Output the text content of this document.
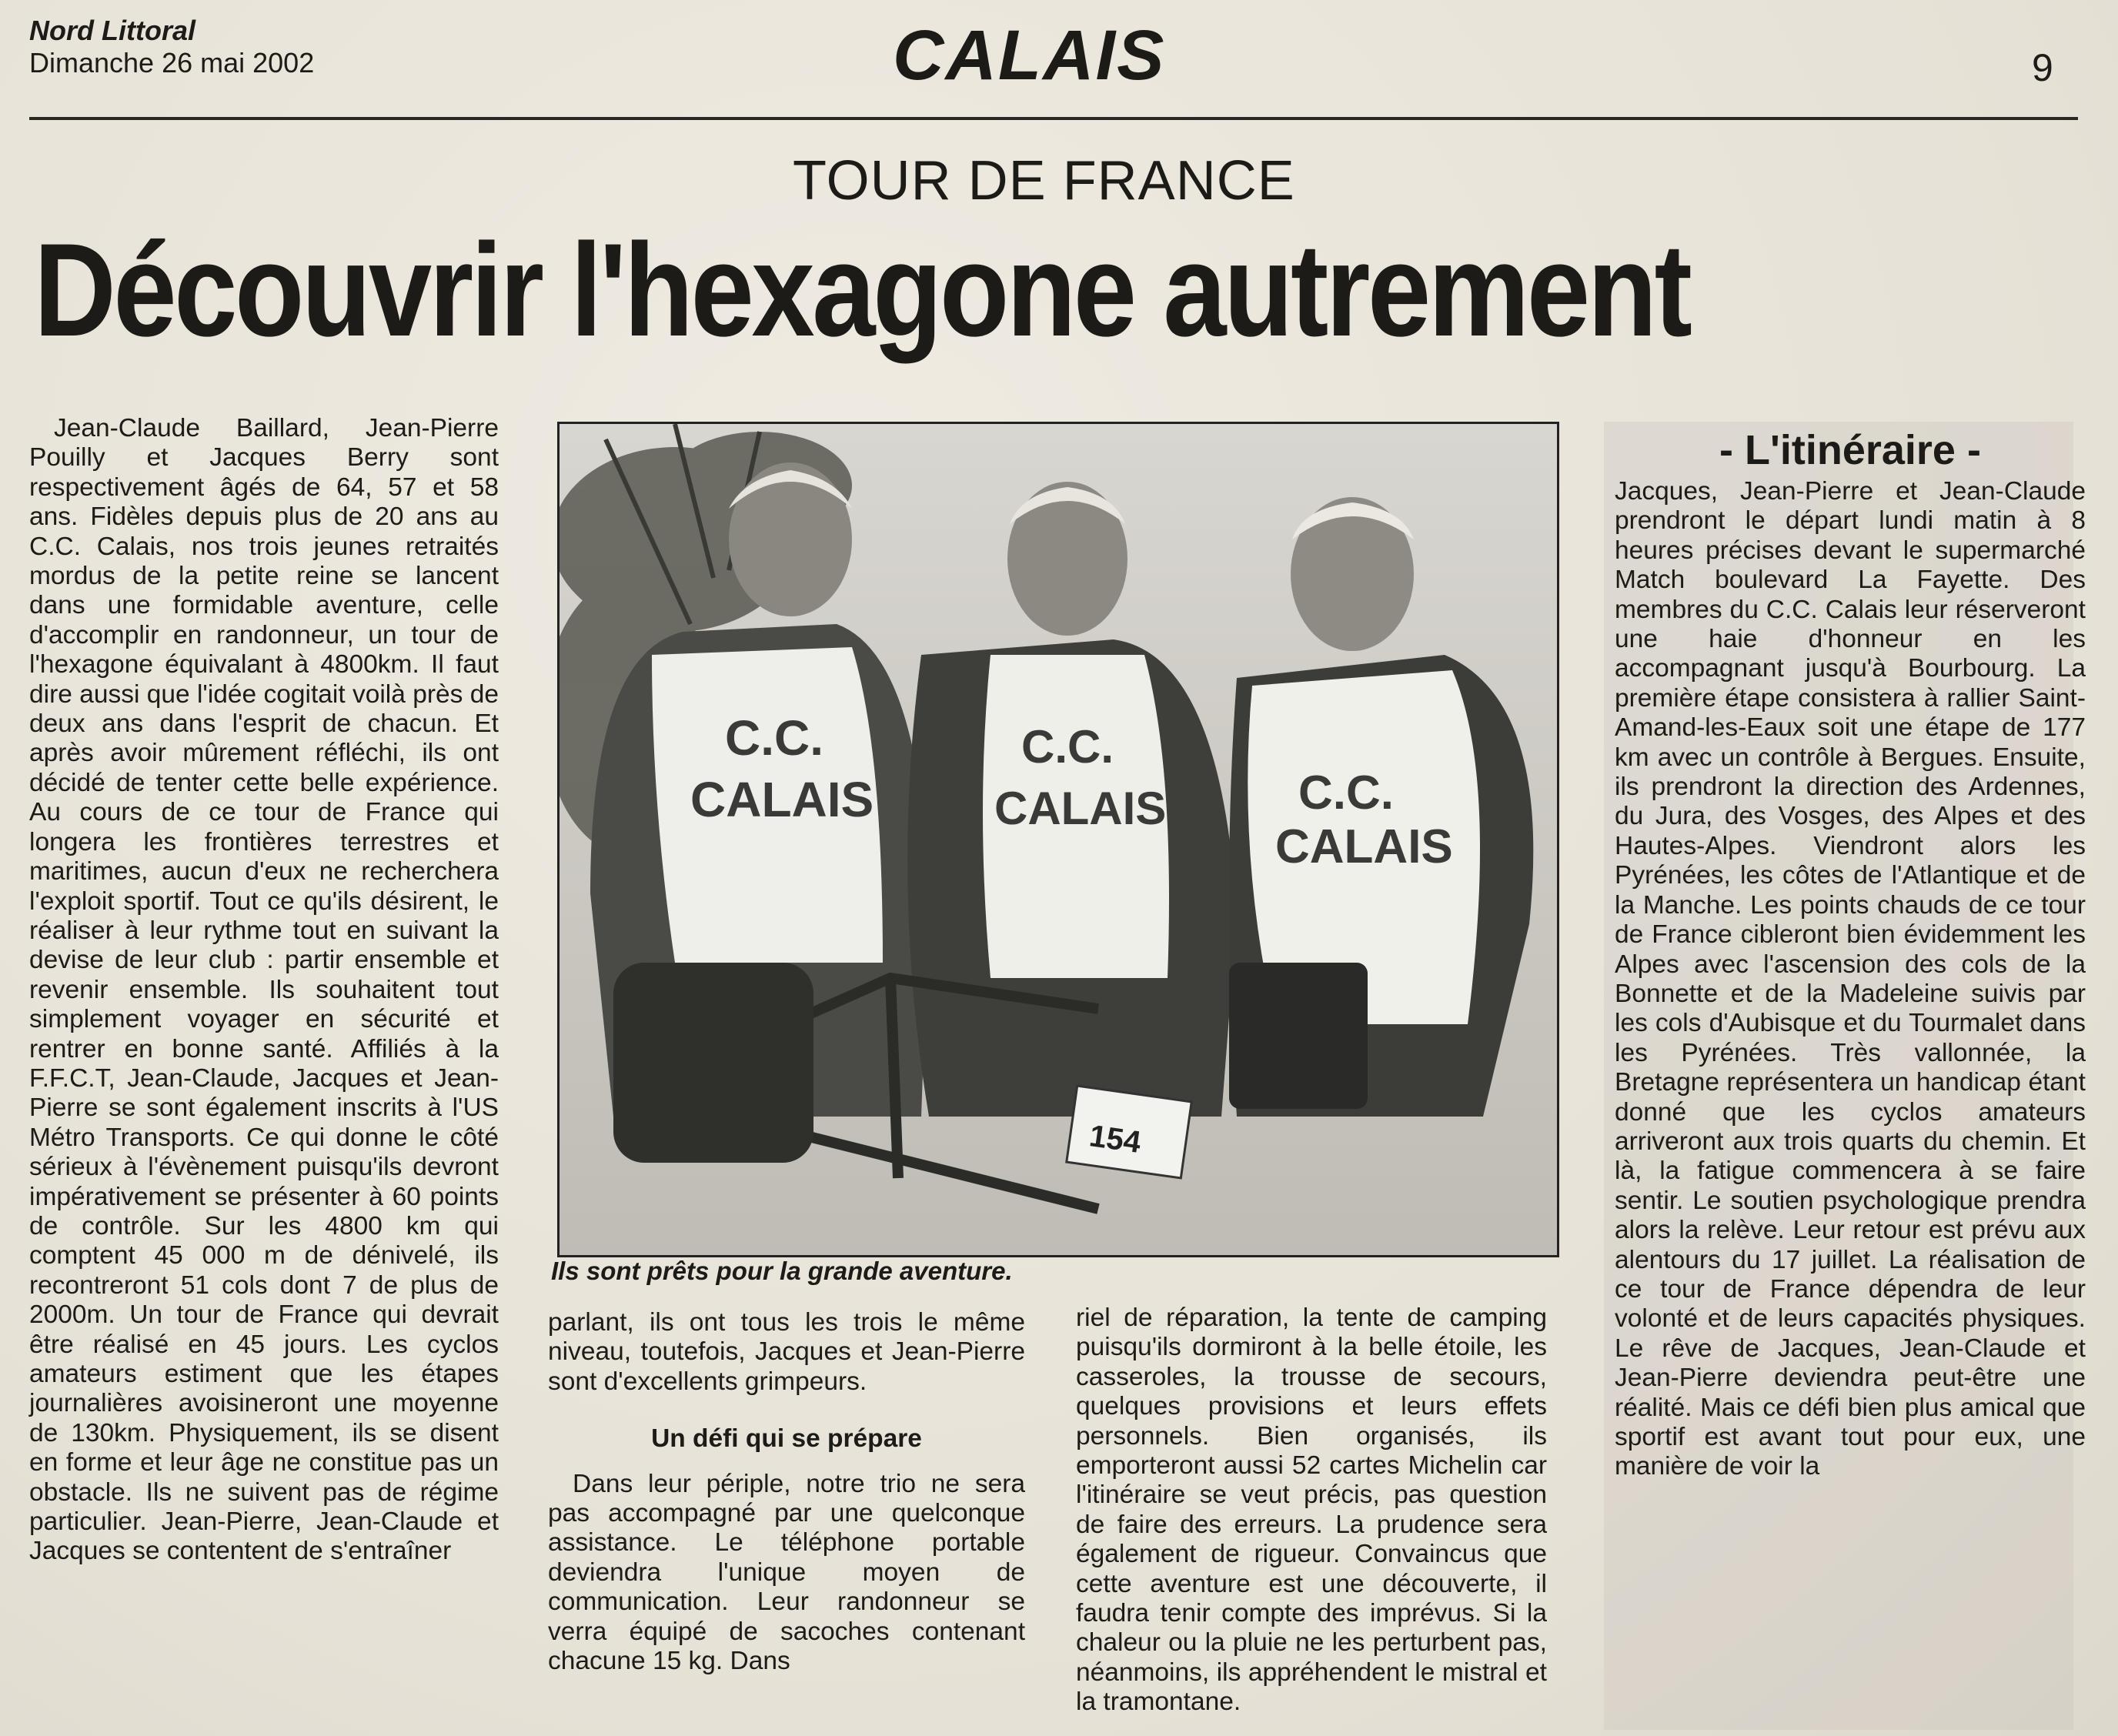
Nord Littoral
Dimanche 26 mai 2002	CALAIS	9
TOUR DE FRANCE
Découvrir l'hexagone autrement

Jean-Claude Baillard, Jean-Pierre Pouilly et Jacques Berry sont respectivement âgés de 64, 57 et 58 ans. Fidèles depuis plus de 20 ans au C.C. Calais, nos trois jeunes retraités mordus de la petite reine se lancent dans une formidable aventure, celle d'accomplir en randonneur, un tour de l'hexagone équivalant à 4800km. Il faut dire aussi que l'idée cogitait voilà près de deux ans dans l'esprit de chacun. Et après avoir mûrement réfléchi, ils ont décidé de tenter cette belle expérience. Au cours de ce tour de France qui longera les frontières terrestres et maritimes, aucun d'eux ne recherchera l'exploit sportif. Tout ce qu'ils désirent, le réaliser à leur rythme tout en suivant la devise de leur club : partir ensemble et revenir ensemble. Ils souhaitent tout simplement voyager en sécurité et rentrer en bonne santé. Affiliés à la F.F.C.T, Jean-Claude, Jacques et Jean-Pierre se sont également inscrits à l'US Métro Transports. Ce qui donne le côté sérieux à l'évènement puisqu'ils devront impérativement se présenter à 60 points de contrôle. Sur les 4800 km qui comptent 45 000 m de dénivelé, ils recontreront 51 cols dont 7 de plus de 2000m. Un tour de France qui devrait être réalisé en 45 jours. Les cyclos amateurs estiment que les étapes journalières avoisineront une moyenne de 130km. Physiquement, ils se disent en forme et leur âge ne constitue pas un obstacle. Ils ne suivent pas de régime particulier. Jean-Pierre, Jean-Claude et Jacques se contentent de s'entraîner

C.C.
CALAIS
C.C.
CALAIS	C.C.
CALAIS
154
Ils sont prêts pour la grande aventure.

parlant, ils ont tous les trois le même niveau, toutefois, Jacques et Jean-Pierre sont d'excellents grimpeurs.

Un défi qui se prépare

Dans leur périple, notre trio ne sera pas accompagné par une quelconque assistance. Le téléphone portable deviendra l'unique moyen de communication. Leur randonneur se verra équipé de sacoches contenant chacune 15 kg. Dans

riel de réparation, la tente de camping puisqu'ils dormiront à la belle étoile, les casseroles, la trousse de secours, quelques provisions et leurs effets personnels. Bien organisés, ils emporteront aussi 52 cartes Michelin car l'itinéraire se veut précis, pas question de faire des erreurs. La prudence sera également de rigueur. Convaincus que cette aventure est une découverte, il faudra tenir compte des imprévus. Si la chaleur ou la pluie ne les perturbent pas, néanmoins, ils appréhendent le mistral et la tramontane.

- L'itinéraire -

Jacques, Jean-Pierre et Jean-Claude prendront le départ lundi matin à 8 heures précises devant le supermarché Match boulevard La Fayette. Des membres du C.C. Calais leur réserveront une haie d'honneur en les accompagnant jusqu'à Bourbourg. La première étape consistera à rallier Saint-Amand-les-Eaux soit une étape de 177 km avec un contrôle à Bergues. Ensuite, ils prendront la direction des Ardennes, du Jura, des Vosges, des Alpes et des Hautes-Alpes. Viendront alors les Pyrénées, les côtes de l'Atlantique et de la Manche. Les points chauds de ce tour de France cibleront bien évidemment les Alpes avec l'ascension des cols de la Bonnette et de la Madeleine suivis par les cols d'Aubisque et du Tourmalet dans les Pyrénées. Très vallonnée, la Bretagne représentera un handicap étant donné que les cyclos amateurs arriveront aux trois quarts du chemin. Et là, la fatigue commencera à se faire sentir. Le soutien psychologique prendra alors la relève. Leur retour est prévu aux alentours du 17 juillet. La réalisation de ce tour de France dépendra de leur volonté et de leurs capacités physiques. Le rêve de Jacques, Jean-Claude et Jean-Pierre deviendra peut-être une réalité. Mais ce défi bien plus amical que sportif est avant tout pour eux, une manière de voir la
